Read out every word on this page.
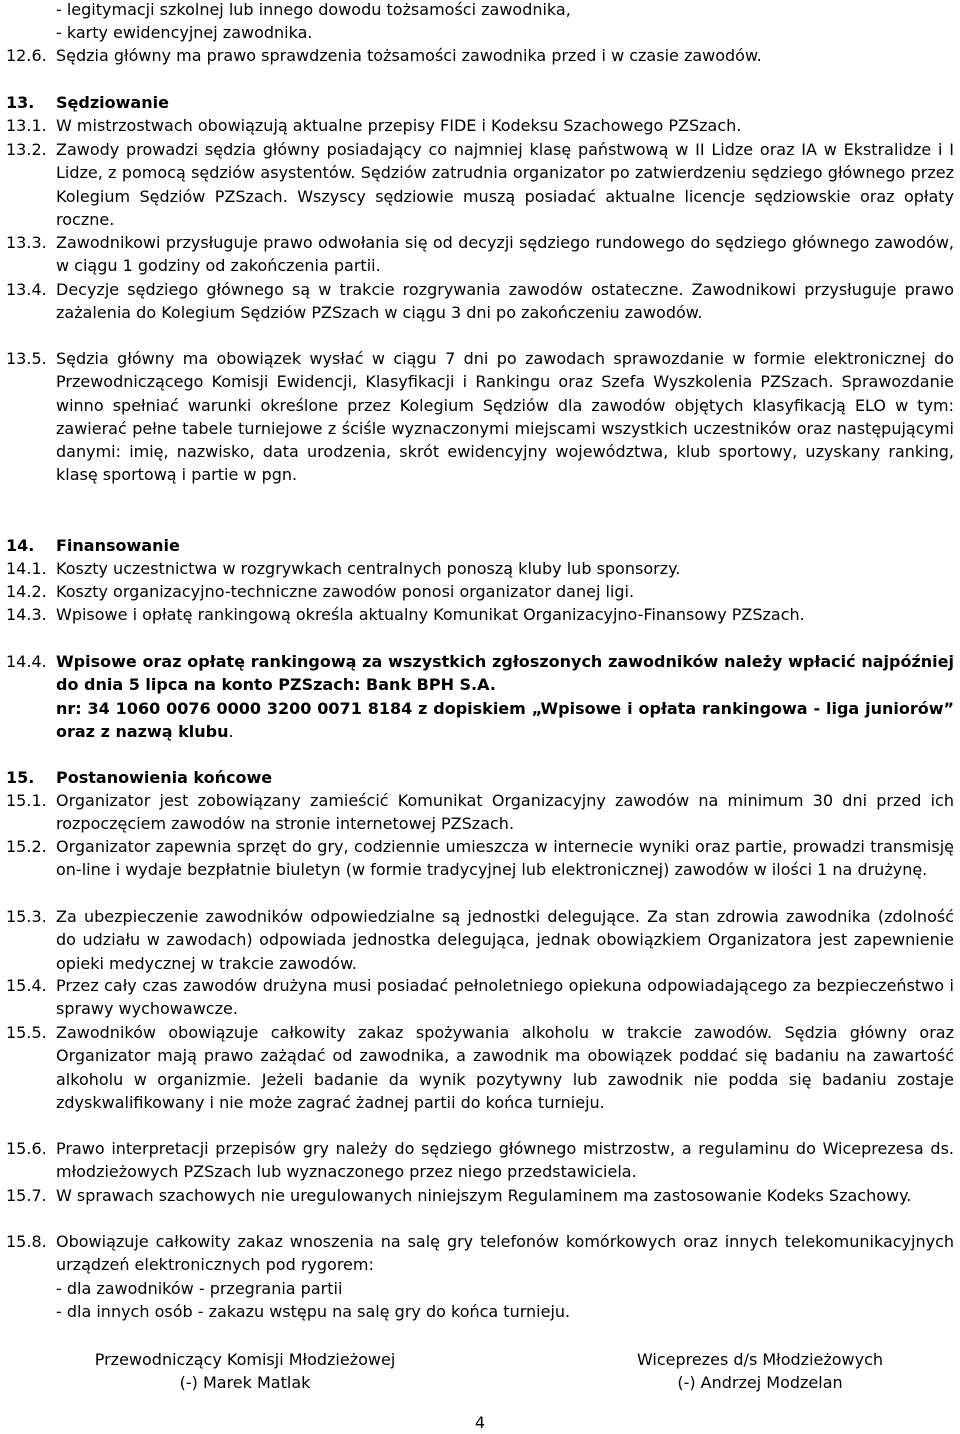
- legitymacji szkolnej lub innego dowodu tożsamości zawodnika,
- karty ewidencyjnej zawodnika.
12.6. Sędzia główny ma prawo sprawdzenia tożsamości zawodnika przed i w czasie zawodów.
13. Sędziowanie
13.1. W mistrzostwach obowiązują aktualne przepisy FIDE i Kodeksu Szachowego PZSzach.
13.2. Zawody prowadzi sędzia główny posiadający co najmniej klasę państwową w II Lidze oraz IA w Ekstralidze i I Lidze, z pomocą sędziów asystentów. Sędziów zatrudnia organizator po zatwierdzeniu sędziego głównego przez Kolegium Sędziów PZSzach. Wszyscy sędziowie muszą posiadać aktualne licencje sędziowskie oraz opłaty roczne.
13.3. Zawodnikowi przysługuje prawo odwołania się od decyzji sędziego rundowego do sędziego głównego zawodów, w ciągu 1 godziny od zakończenia partii.
13.4. Decyzje sędziego głównego są w trakcie rozgrywania zawodów ostateczne. Zawodnikowi przysługuje prawo zażalenia do Kolegium Sędziów PZSzach w ciągu 3 dni po zakończeniu zawodów.
13.5. Sędzia główny ma obowiązek wysłać w ciągu 7 dni po zawodach sprawozdanie w formie elektronicznej do Przewodniczącego Komisji Ewidencji, Klasyfikacji i Rankingu oraz Szefa Wyszkolenia PZSzach. Sprawozdanie winno spełniać warunki określone przez Kolegium Sędziów dla zawodów objętych klasyfikacją ELO w tym: zawierać pełne tabele turniejowe z ściśle wyznaczonymi miejscami wszystkich uczestników oraz następującymi danymi: imię, nazwisko, data urodzenia, skrót ewidencyjny województwa, klub sportowy, uzyskany ranking, klasę sportową i partie w pgn.
14. Finansowanie
14.1. Koszty uczestnictwa w rozgrywkach centralnych ponoszą kluby lub sponsorzy.
14.2. Koszty organizacyjno-techniczne zawodów ponosi organizator danej ligi.
14.3. Wpisowe i opłatę rankingową określa aktualny Komunikat Organizacyjno-Finansowy PZSzach.
14.4. Wpisowe oraz opłatę rankingową za wszystkich zgłoszonych zawodników należy wpłacić najpóźniej do dnia 5 lipca na konto PZSzach: Bank BPH S.A.
nr: 34 1060 0076 0000 3200 0071 8184 z dopiskiem „Wpisowe i opłata rankingowa - liga juniorów” oraz z nazwą klubu.
15. Postanowienia końcowe
15.1. Organizator jest zobowiązany zamieścić Komunikat Organizacyjny zawodów na minimum 30 dni przed ich rozpoczęciem zawodów na stronie internetowej PZSzach.
15.2. Organizator zapewnia sprzęt do gry, codziennie umieszcza w internecie wyniki oraz partie, prowadzi transmisję on-line i wydaje bezpłatnie biuletyn (w formie tradycyjnej lub elektronicznej) zawodów w ilości 1 na drużynę.
15.3. Za ubezpieczenie zawodników odpowiedzialne są jednostki delegujące. Za stan zdrowia zawodnika (zdolność do udziału w zawodach) odpowiada jednostka delegująca, jednak obowiązkiem Organizatora jest zapewnienie opieki medycznej w trakcie zawodów.
15.4. Przez cały czas zawodów drużyna musi posiadać pełnoletniego opiekuna odpowiadającego za bezpieczeństwo i sprawy wychowawcze.
15.5. Zawodników obowiązuje całkowity zakaz spożywania alkoholu w trakcie zawodów. Sędzia główny oraz Organizator mają prawo zażądać od zawodnika, a zawodnik ma obowiązek poddać się badaniu na zawartość alkoholu w organizmie. Jeżeli badanie da wynik pozytywny lub zawodnik nie podda się badaniu zostaje zdyskwalifikowany i nie może zagrać żadnej partii do końca turnieju.
15.6. Prawo interpretacji przepisów gry należy do sędziego głównego mistrzostw, a regulaminu do Wiceprezesa ds. młodzieżowych PZSzach lub wyznaczonego przez niego przedstawiciela.
15.7. W sprawach szachowych nie uregulowanych niniejszym Regulaminem ma zastosowanie Kodeks Szachowy.
15.8. Obowiązuje całkowity zakaz wnoszenia na salę gry telefonów komórkowych oraz innych telekomunikacyjnych urządzeń elektronicznych pod rygorem:
- dla zawodników - przegrania partii
- dla innych osób - zakazu wstępu na salę gry do końca turnieju.
Przewodniczący Komisji Młodzieżowej
(-) Marek Matlak
Wiceprezes d/s Młodzieżowych
(-) Andrzej Modzelan
4
